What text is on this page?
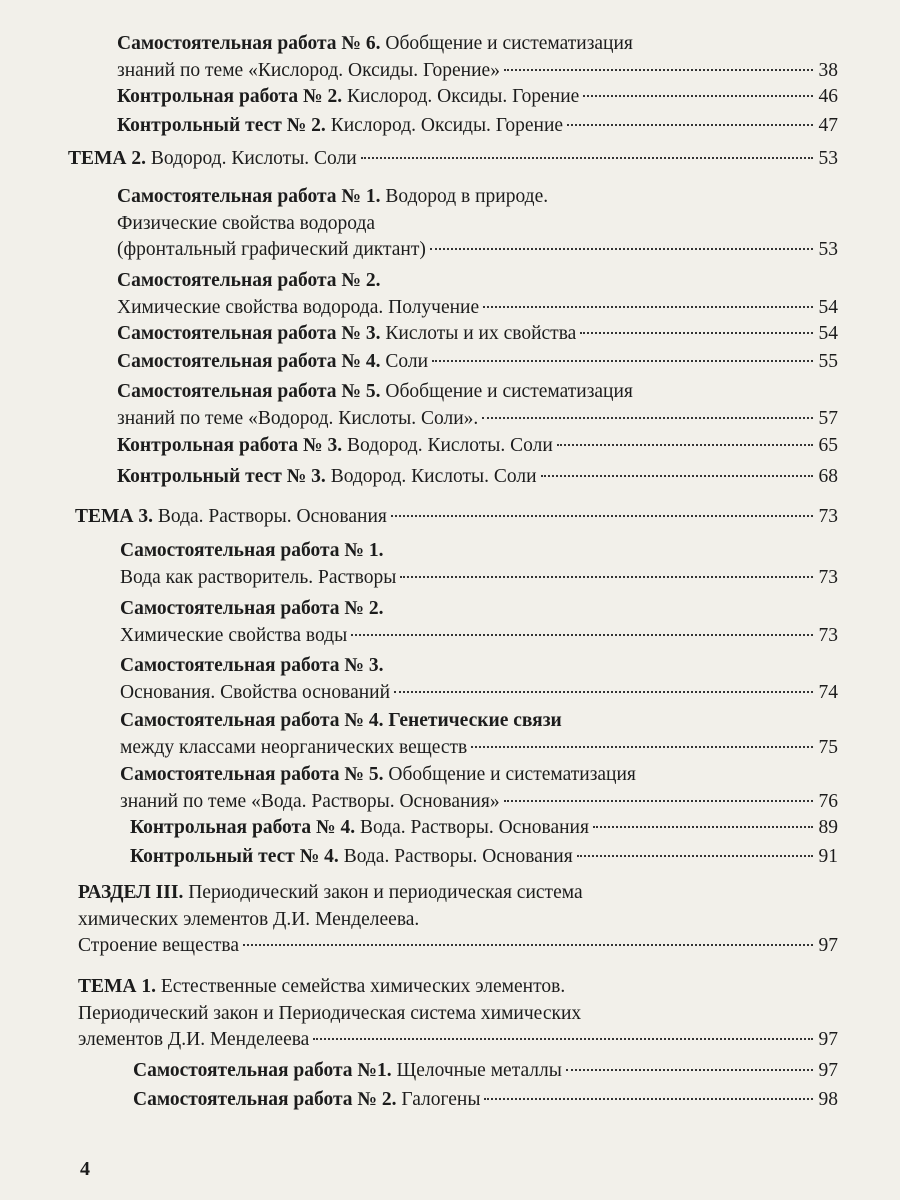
Самостоятельная работа № 6. Обобщение и систематизация
знаний по теме «Кислород. Оксиды. Горение»	38
Контрольная работа № 2. Кислород. Оксиды. Горение	46
Контрольный тест № 2. Кислород. Оксиды. Горение	47
ТЕМА 2. Водород. Кислоты. Соли	53
Самостоятельная работа № 1. Водород в природе.
Физические свойства водорода
(фронтальный графический диктант)	53
Самостоятельная работа № 2.
Химические свойства водорода. Получение	54
Самостоятельная работа № 3. Кислоты и их свойства	54
Самостоятельная работа № 4. Соли	55
Самостоятельная работа № 5. Обобщение и систематизация
знаний по теме «Водород. Кислоты. Соли».	57
Контрольная работа № 3. Водород. Кислоты. Соли	65
Контрольный тест № 3. Водород. Кислоты. Соли	68
ТЕМА 3. Вода. Растворы. Основания	73
Самостоятельная работа № 1.
Вода как растворитель. Растворы	73
Самостоятельная работа № 2.
Химические свойства воды	73
Самостоятельная работа № 3.
Основания. Свойства оснований	74
Самостоятельная работа № 4. Генетические связи
между классами неорганических веществ	75
Самостоятельная работа № 5. Обобщение и систематизация
знаний по теме «Вода. Растворы. Основания»	76
Контрольная работа № 4. Вода. Растворы. Основания	89
Контрольный тест № 4. Вода. Растворы. Основания	91
РАЗДЕЛ III. Периодический закон и периодическая система
химических элементов Д.И. Менделеева.
Строение вещества	97
ТЕМА 1. Естественные семейства химических элементов.
Периодический закон и Периодическая система химических
элементов Д.И. Менделеева	97
Самостоятельная работа №1. Щелочные металлы	97
Самостоятельная работа № 2. Галогены	98
4
